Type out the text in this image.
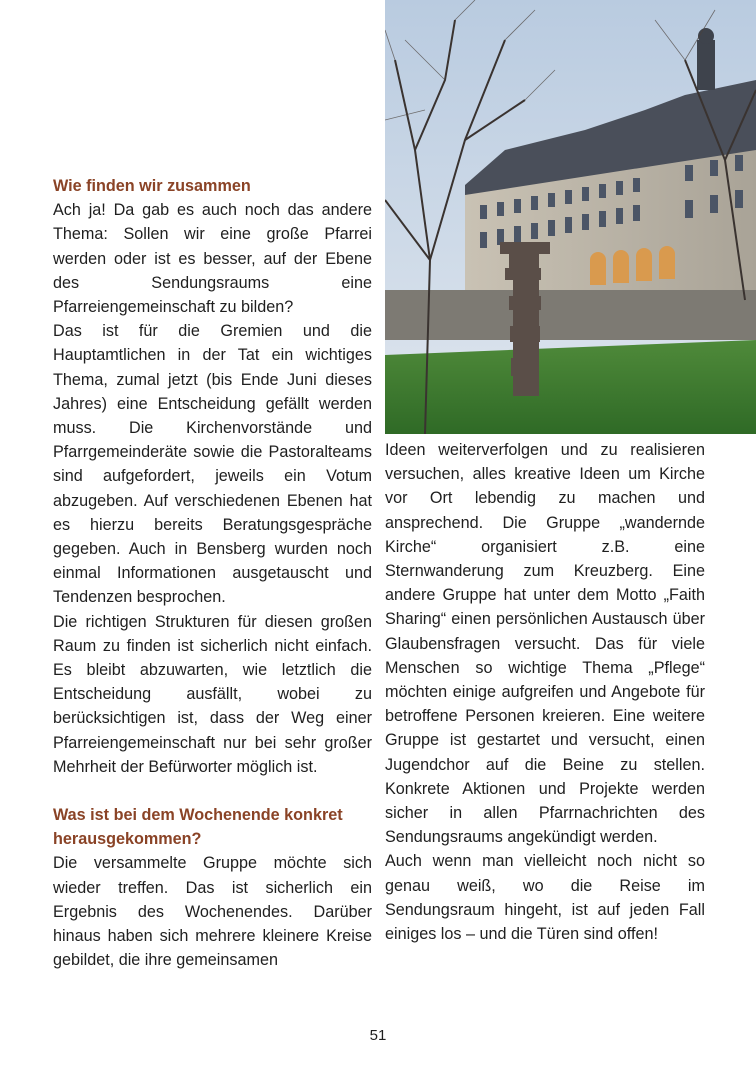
Wie finden wir zusammen

Ach ja! Da gab es auch noch das andere Thema: Sollen wir eine große Pfarrei werden oder ist es besser, auf der Ebene des Sendungsraums eine Pfarreiengemeinschaft zu bilden?

Das ist für die Gremien und die Hauptamtlichen in der Tat ein wichtiges Thema, zumal jetzt (bis Ende Juni dieses Jahres) eine Entscheidung gefällt werden muss. Die Kirchenvorstände und Pfarrgemeinderäte sowie die Pastoralteams sind aufgefordert, jeweils ein Votum abzugeben. Auf verschiedenen Ebenen hat es hierzu bereits Beratungsgespräche gegeben. Auch in Bensberg wurden noch einmal Informationen ausgetauscht und Tendenzen besprochen.

Die richtigen Strukturen für diesen großen Raum zu finden ist sicherlich nicht einfach. Es bleibt abzuwarten, wie letztlich die Entscheidung ausfällt, wobei zu berücksichtigen ist, dass der Weg einer Pfarreiengemeinschaft nur bei sehr großer Mehrheit der Befürworter möglich ist.

Was ist bei dem Wochenende konkret herausgekommen?

Die versammelte Gruppe möchte sich wieder treffen. Das ist sicherlich ein Ergebnis des Wochenendes. Darüber hinaus haben sich mehrere kleinere Kreise gebildet, die ihre gemeinsamen

Ideen weiterverfolgen und zu realisieren versuchen, alles kreative Ideen um Kirche vor Ort lebendig zu machen und ansprechend. Die Gruppe „wandernde Kirche“ organisiert z.B. eine Sternwanderung zum Kreuzberg. Eine andere Gruppe hat unter dem Motto „Faith Sharing“ einen persönlichen Austausch über Glaubensfragen versucht. Das für viele Menschen so wichtige Thema „Pflege“ möchten einige aufgreifen und Angebote für betroffene Personen kreieren. Eine weitere Gruppe ist gestartet und versucht, einen Jugendchor auf die Beine zu stellen. Konkrete Aktionen und Projekte werden sicher in allen Pfarrnachrichten des Sendungsraums angekündigt werden.

Auch wenn man vielleicht noch nicht so genau weiß, wo die Reise im Sendungsraum hingeht, ist auf jeden Fall einiges los – und die Türen sind offen!

51
